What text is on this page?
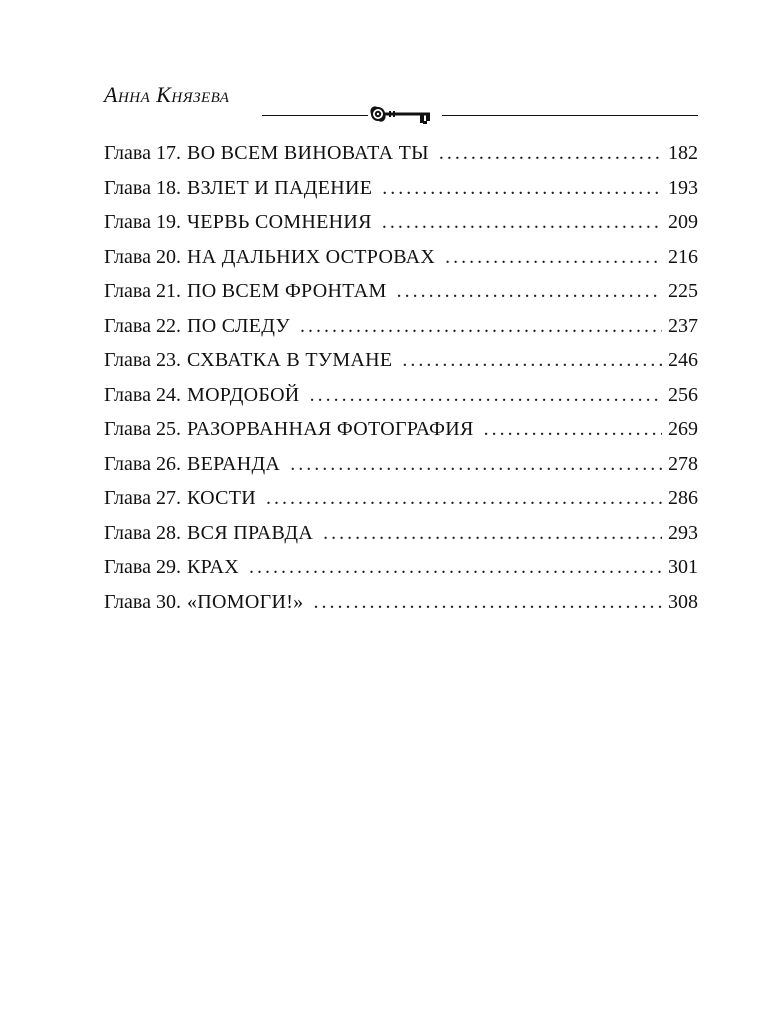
Анна Князева
Глава 17. ВО ВСЕМ ВИНОВАТА ТЫ . . .	182
Глава 18. ВЗЛЕТ И ПАДЕНИЕ . . .	193
Глава 19. ЧЕРВЬ СОМНЕНИЯ . . .	209
Глава 20. НА ДАЛЬНИХ ОСТРОВАХ . . .	216
Глава 21. ПО ВСЕМ ФРОНТАМ . . .	225
Глава 22. ПО СЛЕДУ . . .	237
Глава 23. СХВАТКА В ТУМАНЕ . . .	246
Глава 24. МОРДОБОЙ . . .	256
Глава 25. РАЗОРВАННАЯ ФОТОГРАФИЯ . . .	269
Глава 26. ВЕРАНДА . . .	278
Глава 27. КОСТИ . . .	286
Глава 28. ВСЯ ПРАВДА . . .	293
Глава 29. КРАХ . . .	301
Глава 30. «ПОМОГИ!» . . .	308
